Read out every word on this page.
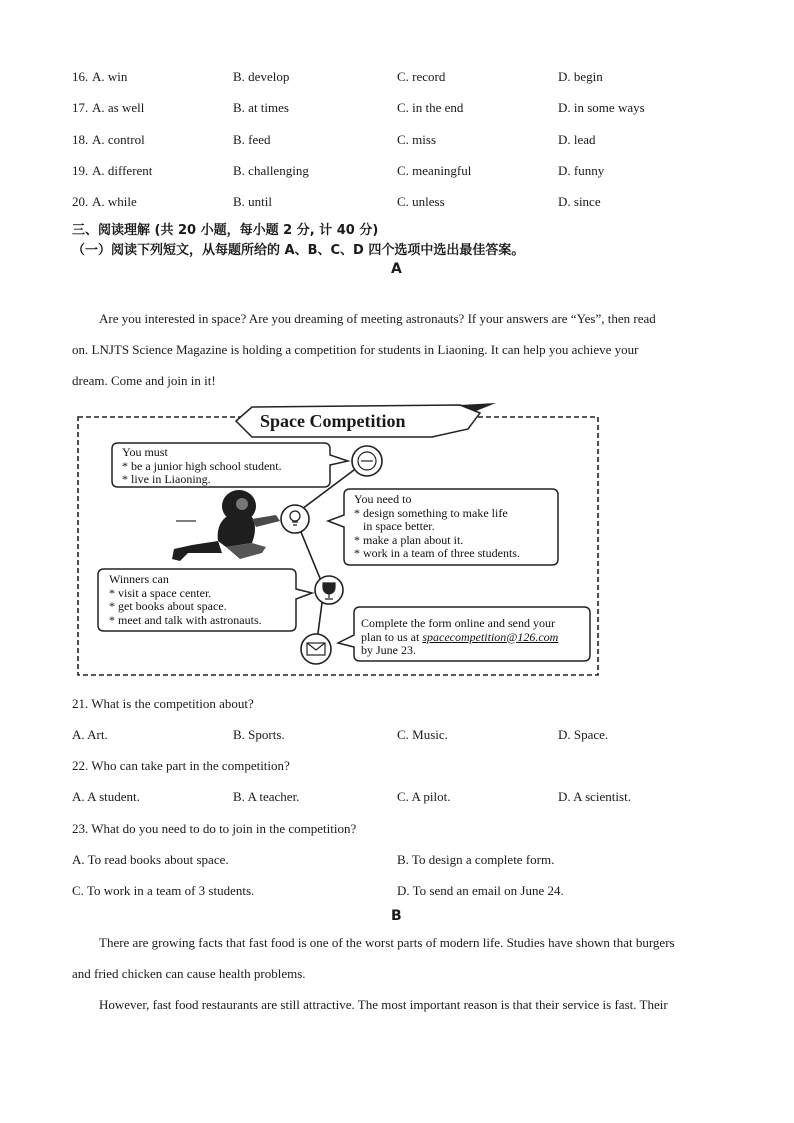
16. A. win	B. develop	C. record	D. begin
17. A. as well	B. at times	C. in the end	D. in some ways
18. A. control	B. feed	C. miss	D. lead
19. A. different	B. challenging	C. meaningful	D. funny
20. A. while	B. until	C. unless	D. since
三、阅读理解 (共 20 小题，每小题 2 分, 计 40 分)
（一）阅读下列短文，从每题所给的 A、B、C、D 四个选项中选出最佳答案。
A
Are you interested in space? Are you dreaming of meeting astronauts? If your answers are “Yes”, then read
on. LNJTS Science Magazine is holding a competition for students in Liaoning. It can help you achieve your
dream. Come and join in it!
Space Competition
You must
* be a junior high school student.
* live in Liaoning.
You need to
* design something to make life
in space better.
* make a plan about it.
* work in a team of three students.
Winners can
* visit a space center.
* get books about space.
* meet and talk with astronauts.	Complete the form online and send your
plan to us at spacecompetition@126.com
by June 23.
21. What is the competition about?
A. Art.	B. Sports.	C. Music.	D. Space.
22. Who can take part in the competition?
A. A student.	B. A teacher.	C. A pilot.	D. A scientist.
23. What do you need to do to join in the competition?
A. To read books about space.	B. To design a complete form.
C. To work in a team of 3 students.	D. To send an email on June 24.
B
There are growing facts that fast food is one of the worst parts of modern life. Studies have shown that burgers
and fried chicken can cause health problems.
However, fast food restaurants are still attractive. The most important reason is that their service is fast. Their
